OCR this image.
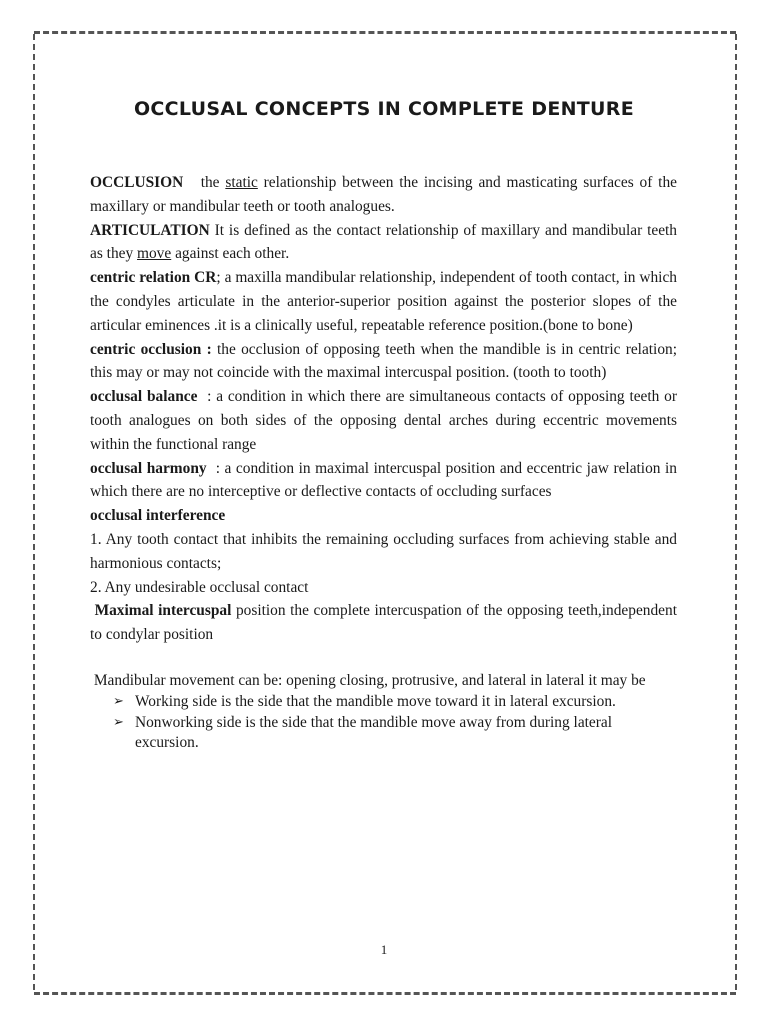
OCCLUSAL CONCEPTS IN COMPLETE DENTURE

OCCLUSION   the static relationship between the incising and masticating surfaces of the maxillary or mandibular teeth or tooth analogues.

ARTICULATION It is defined as the contact relationship of maxillary and mandibular teeth as they move against each other.

centric relation CR; a maxilla mandibular relationship, independent of tooth contact, in which the condyles articulate in the anterior-superior position against the posterior slopes of the articular eminences .it is a clinically useful, repeatable reference position.(bone to bone)

centric occlusion : the occlusion of opposing teeth when the mandible is in centric relation; this may or may not coincide with the maximal intercuspal position. (tooth to tooth)

occlusal balance  : a condition in which there are simultaneous contacts of opposing teeth or tooth analogues on both sides of the opposing dental arches during eccentric movements within the functional range

occlusal harmony  : a condition in maximal intercuspal position and eccentric jaw relation in which there are no interceptive or deflective contacts of occluding surfaces

occlusal interference

1. Any tooth contact that inhibits the remaining occluding surfaces from achieving stable and harmonious contacts;

2. Any undesirable occlusal contact

Maximal intercuspal position the complete intercuspation of the opposing teeth,independent to condylar position

Mandibular movement can be: opening closing, protrusive, and lateral in lateral it may be

➢ Working side is the side that the mandible move toward it in lateral excursion.
➢ Nonworking side is the side that the mandible move away from during lateral excursion.
1
